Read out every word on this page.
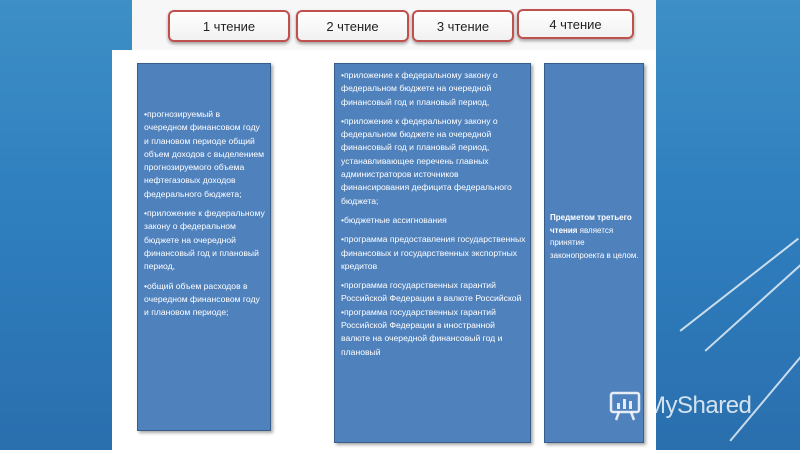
1 чтение	2 чтение	3 чтение	4 чтение

•прогнозируемый в очередном финансовом году и плановом периоде общий объем доходов с выделением прогнозируемого объема нефтегазовых доходов федерального бюджета;

•приложение к федеральному закону о федеральном бюджете на очередной финансовый год и плановый период,

•общий объем расходов в очередном финансовом году и плановом периоде;

•приложение к федеральному закону о федеральном бюджете на очередной финансовый год и плановый период,

•приложение к федеральному закону о федеральном бюджете на очередной финансовый год и плановый период, устанавливающее перечень главных администраторов источников финансирования дефицита федерального бюджета;

•бюджетные ассигнования

•программа предоставления государственных финансовых и государственных экспортных кредитов

•программа государственных гарантий Российской Федерации в валюте Российской

•программа государственных гарантий Российской Федерации в иностранной валюте на очередной финансовый год и плановый

Предметом третьего чтения является принятие законопроекта в целом.
MyShared
